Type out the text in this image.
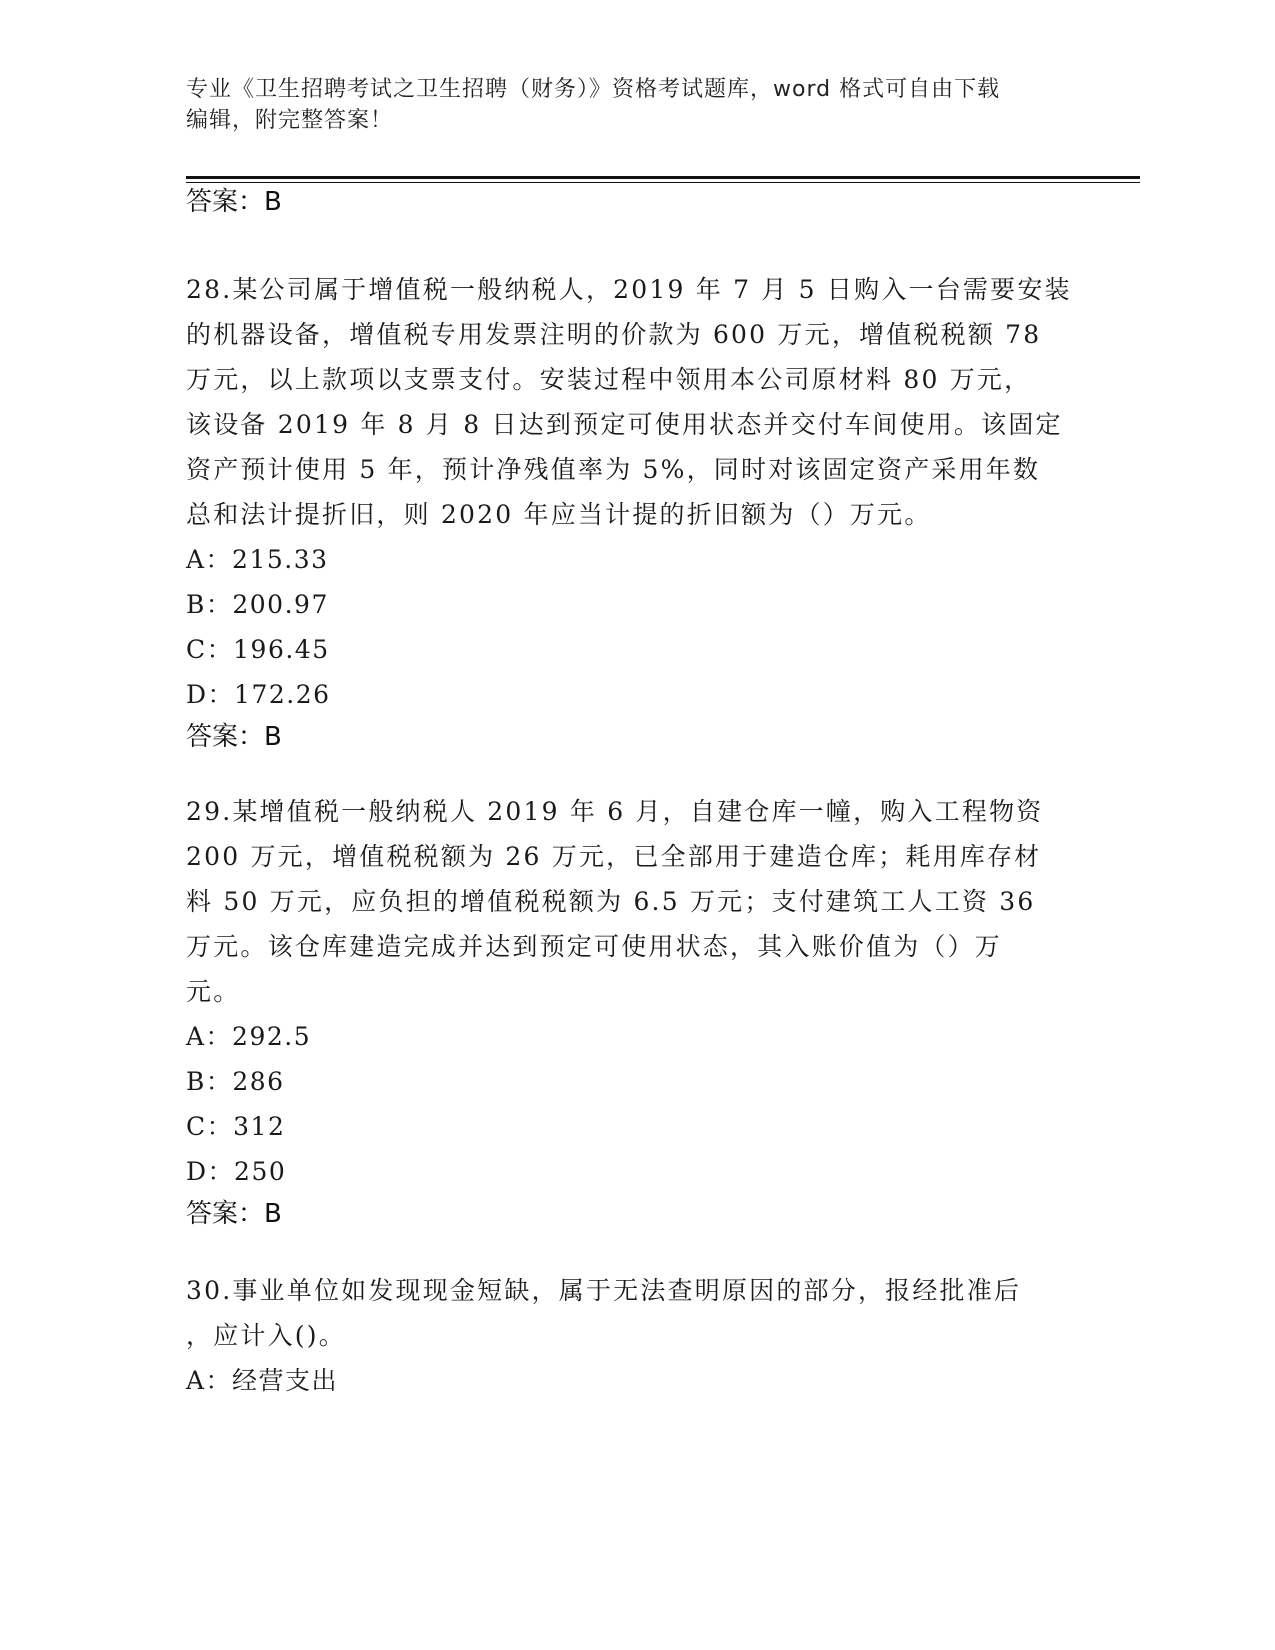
专业《卫生招聘考试之卫生招聘（财务）》资格考试题库，word 格式可自由下载
编辑，附完整答案！
答案：B
28.某公司属于增值税一般纳税人，2019 年 7 月 5 日购入一台需要安装
的机器设备，增值税专用发票注明的价款为 600 万元，增值税税额 78
万元，以上款项以支票支付。安装过程中领用本公司原材料 80 万元，
该设备 2019 年 8 月 8 日达到预定可使用状态并交付车间使用。该固定
资产预计使用 5 年，预计净残值率为 5%，同时对该固定资产采用年数
总和法计提折旧，则 2020 年应当计提的折旧额为（）万元。
A：215.33
B：200.97
C：196.45
D：172.26
答案：B
29.某增值税一般纳税人 2019 年 6 月，自建仓库一幢，购入工程物资
200 万元，增值税税额为 26 万元，已全部用于建造仓库；耗用库存材
料 50 万元，应负担的增值税税额为 6.5 万元；支付建筑工人工资 36
万元。该仓库建造完成并达到预定可使用状态，其入账价值为（）万
元。
A：292.5
B：286
C：312
D：250
答案：B
30.事业单位如发现现金短缺，属于无法查明原因的部分，报经批准后
，应计入()。
A：经营支出
